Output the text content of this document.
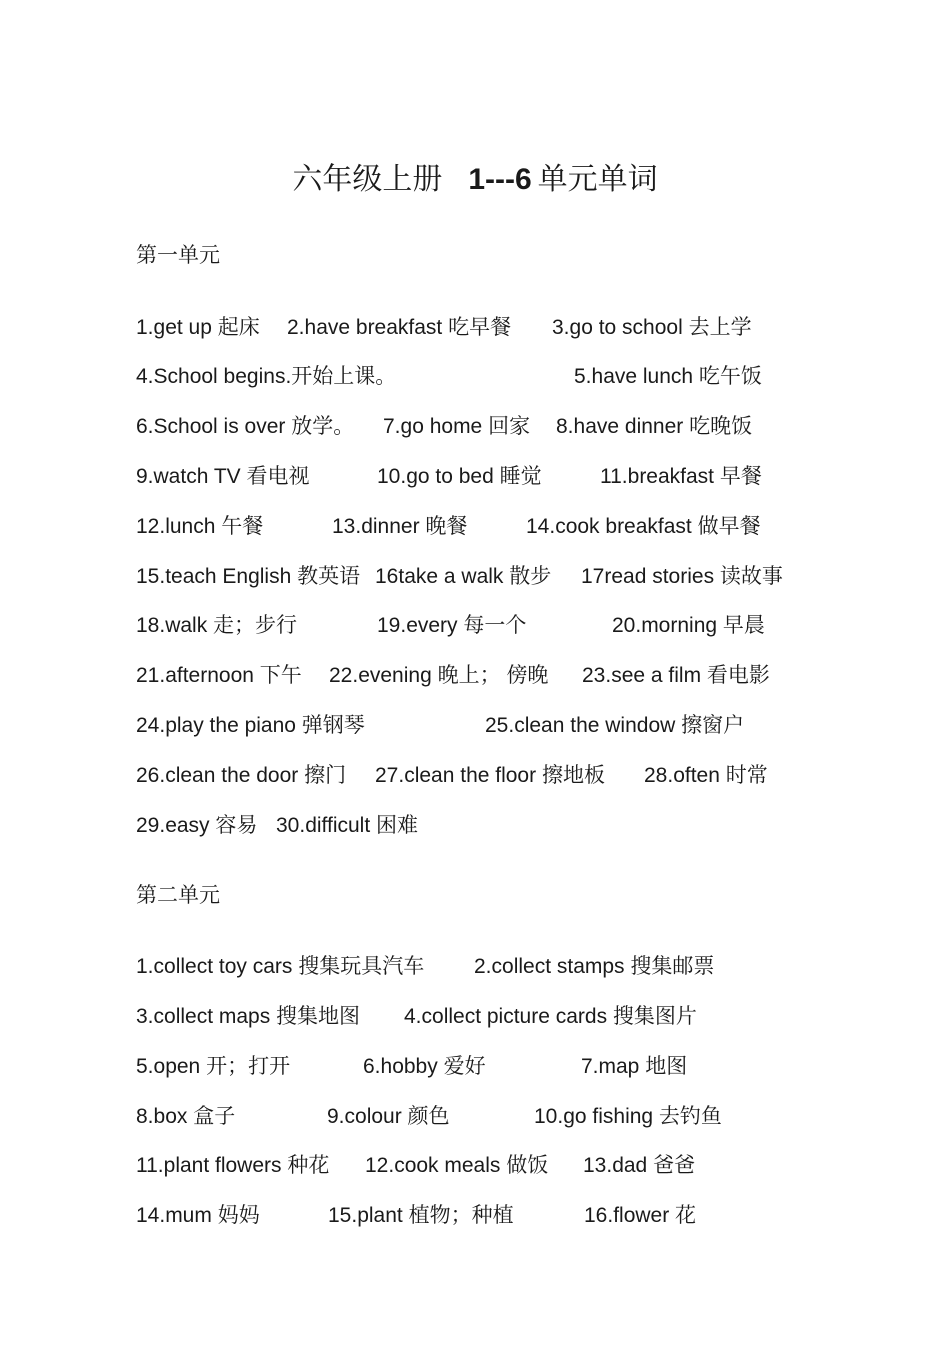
六年级上册 1---6 单元单词
第一单元
1.get up 起床 2.have breakfast 吃早餐 3.go to school 去上学
4.School begins.开始上课。	5.have lunch 吃午饭
6.School is over 放学。 7.go home 回家 8.have dinner 吃晚饭
9.watch TV 看电视	10.go to bed 睡觉	11.breakfast 早餐
12.lunch 午餐	13.dinner 晚餐	14.cook breakfast 做早餐
15.teach English 教英语 16take a walk 散步 17read stories 读故事
18.walk 走；步行	19.every 每一个	20.morning 早晨
21.afternoon 下午 22.evening 晚上； 傍晚 23.see a film 看电影
24.play the piano 弹钢琴	25.clean the window 擦窗户
26.clean the door 擦门 27.clean the floor 擦地板 28.often 时常
29.easy 容易 30.difficult 困难
第二单元
1.collect toy cars 搜集玩具汽车 2.collect stamps 搜集邮票
3.collect maps 搜集地图 4.collect picture cards 搜集图片
5.open 开；打开	6.hobby 爱好	7.map 地图
8.box 盒子	9.colour 颜色	10.go fishing 去钓鱼
11.plant flowers 种花 12.cook meals 做饭 13.dad 爸爸
14.mum 妈妈	15.plant 植物；种植	16.flower 花
